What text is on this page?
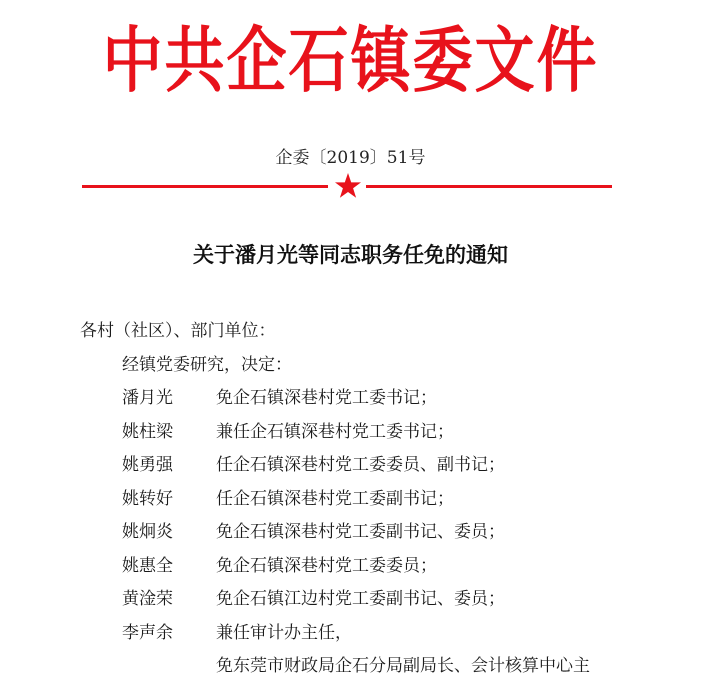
中共企石镇委文件
企委〔2019〕51号
关于潘月光等同志职务任免的通知
各村（社区）、部门单位：
经镇党委研究，决定：
潘月光	免企石镇深巷村党工委书记；
姚柱梁	兼任企石镇深巷村党工委书记；
姚勇强	任企石镇深巷村党工委委员、副书记；
姚转好	任企石镇深巷村党工委副书记；
姚炯炎	免企石镇深巷村党工委副书记、委员；
姚惠全	免企石镇深巷村党工委委员；
黄淦荣	免企石镇江边村党工委副书记、委员；
李声余	兼任审计办主任，
免东莞市财政局企石分局副局长、会计核算中心主
